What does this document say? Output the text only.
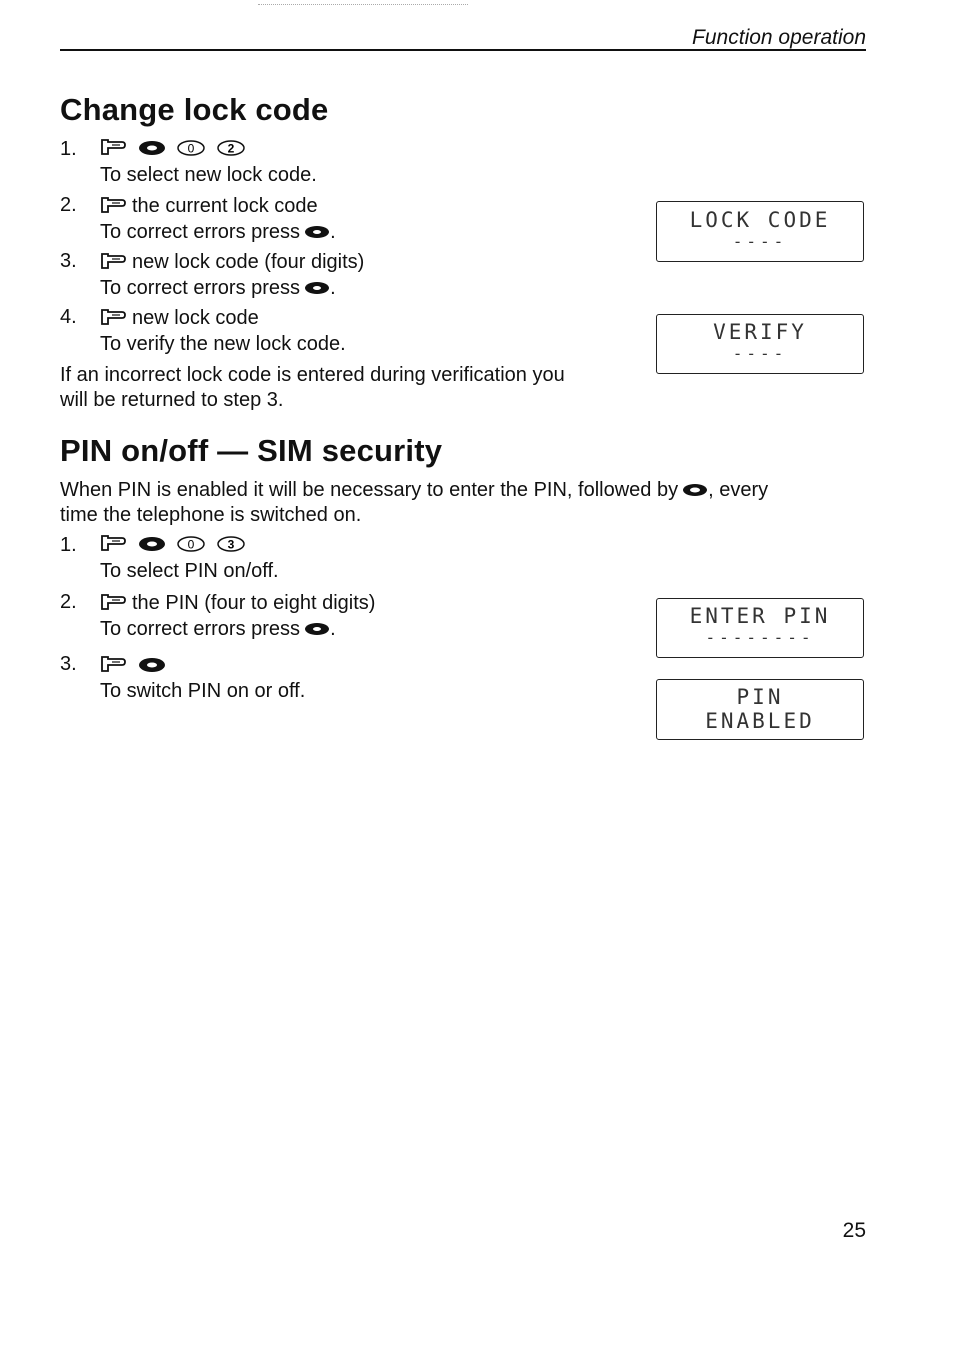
Function operation
Change lock code
1.
	0
	2
To select new lock code.
2.	the current lock code
To correct errors press .
3.	new lock code (four digits)
To correct errors press .
4.	new lock code
To verify the new lock code.
If an incorrect lock code is entered during verification you
will be returned to step 3.
LOCK CODE
----
VERIFY
----
PIN on/off — SIM security
When PIN is enabled it will be necessary to enter the PIN, followed by , every
time the telephone is switched on.
1.
	0
	3
To select PIN on/off.
2.	the PIN (four to eight digits)
To correct errors press .
3.

To switch PIN on or off.
ENTER PIN
--------
PIN
ENABLED
25
